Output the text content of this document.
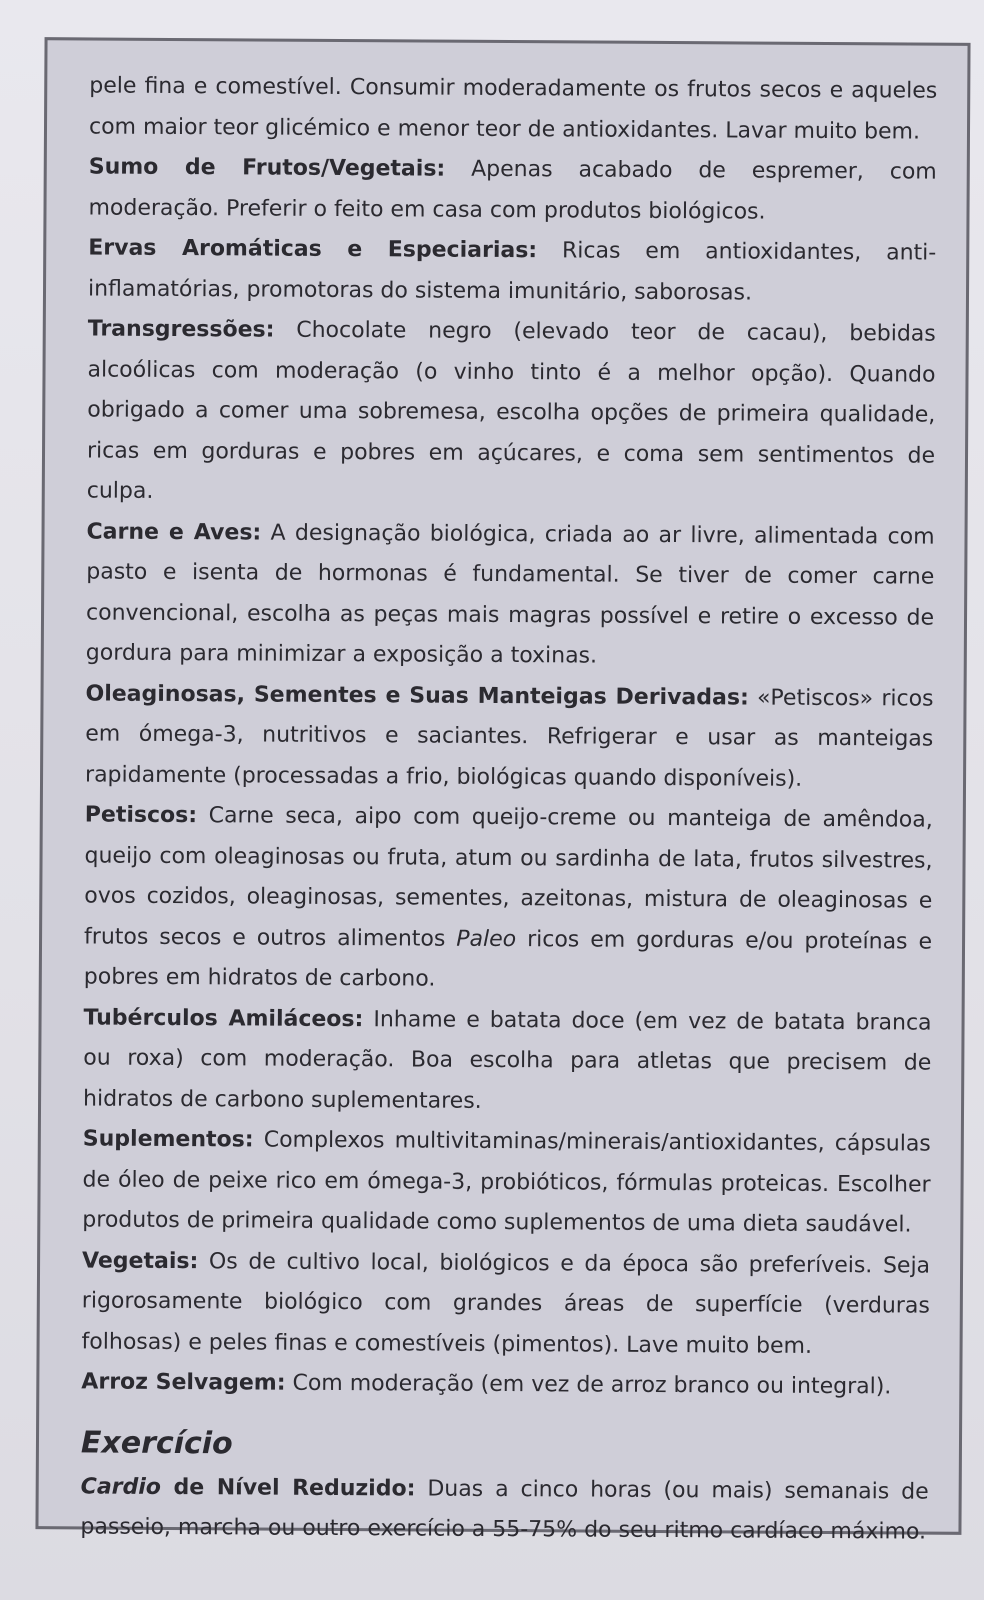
pele fina e comestível. Consumir moderadamente os frutos secos e aqueles com maior teor glicémico e menor teor de antioxidantes. Lavar muito bem.

Sumo de Frutos/Vegetais: Apenas acabado de espremer, com moderação. Preferir o feito em casa com produtos biológicos.

Ervas Aromáticas e Especiarias: Ricas em antioxidantes, anti-inflamatórias, promotoras do sistema imunitário, saborosas.

Transgressões: Chocolate negro (elevado teor de cacau), bebidas alcoólicas com moderação (o vinho tinto é a melhor opção). Quando obrigado a comer uma sobremesa, escolha opções de primeira qualidade, ricas em gorduras e pobres em açúcares, e coma sem sentimentos de culpa.

Carne e Aves: A designação biológica, criada ao ar livre, alimentada com pasto e isenta de hormonas é fundamental. Se tiver de comer carne convencional, escolha as peças mais magras possível e retire o excesso de gordura para minimizar a exposição a toxinas.

Oleaginosas, Sementes e Suas Manteigas Derivadas: «Petiscos» ricos em ómega-3, nutritivos e saciantes. Refrigerar e usar as manteigas rapidamente (processadas a frio, biológicas quando disponíveis).

Petiscos: Carne seca, aipo com queijo-creme ou manteiga de amêndoa, queijo com oleaginosas ou fruta, atum ou sardinha de lata, frutos silvestres, ovos cozidos, oleaginosas, sementes, azeitonas, mistura de oleaginosas e frutos secos e outros alimentos Paleo ricos em gorduras e/ou proteínas e pobres em hidratos de carbono.

Tubérculos Amiláceos: Inhame e batata doce (em vez de batata branca ou roxa) com moderação. Boa escolha para atletas que precisem de hidratos de carbono suplementares.

Suplementos: Complexos multivitaminas/minerais/antioxidantes, cápsulas de óleo de peixe rico em ómega-3, probióticos, fórmulas proteicas. Escolher produtos de primeira qualidade como suplementos de uma dieta saudável.

Vegetais: Os de cultivo local, biológicos e da época são preferíveis. Seja rigorosamente biológico com grandes áreas de superfície (verduras folhosas) e peles finas e comestíveis (pimentos). Lave muito bem.

Arroz Selvagem: Com moderação (em vez de arroz branco ou integral).

Exercício

Cardio de Nível Reduzido: Duas a cinco horas (ou mais) semanais de passeio, marcha ou outro exercício a 55-75% do seu ritmo cardíaco máximo.
